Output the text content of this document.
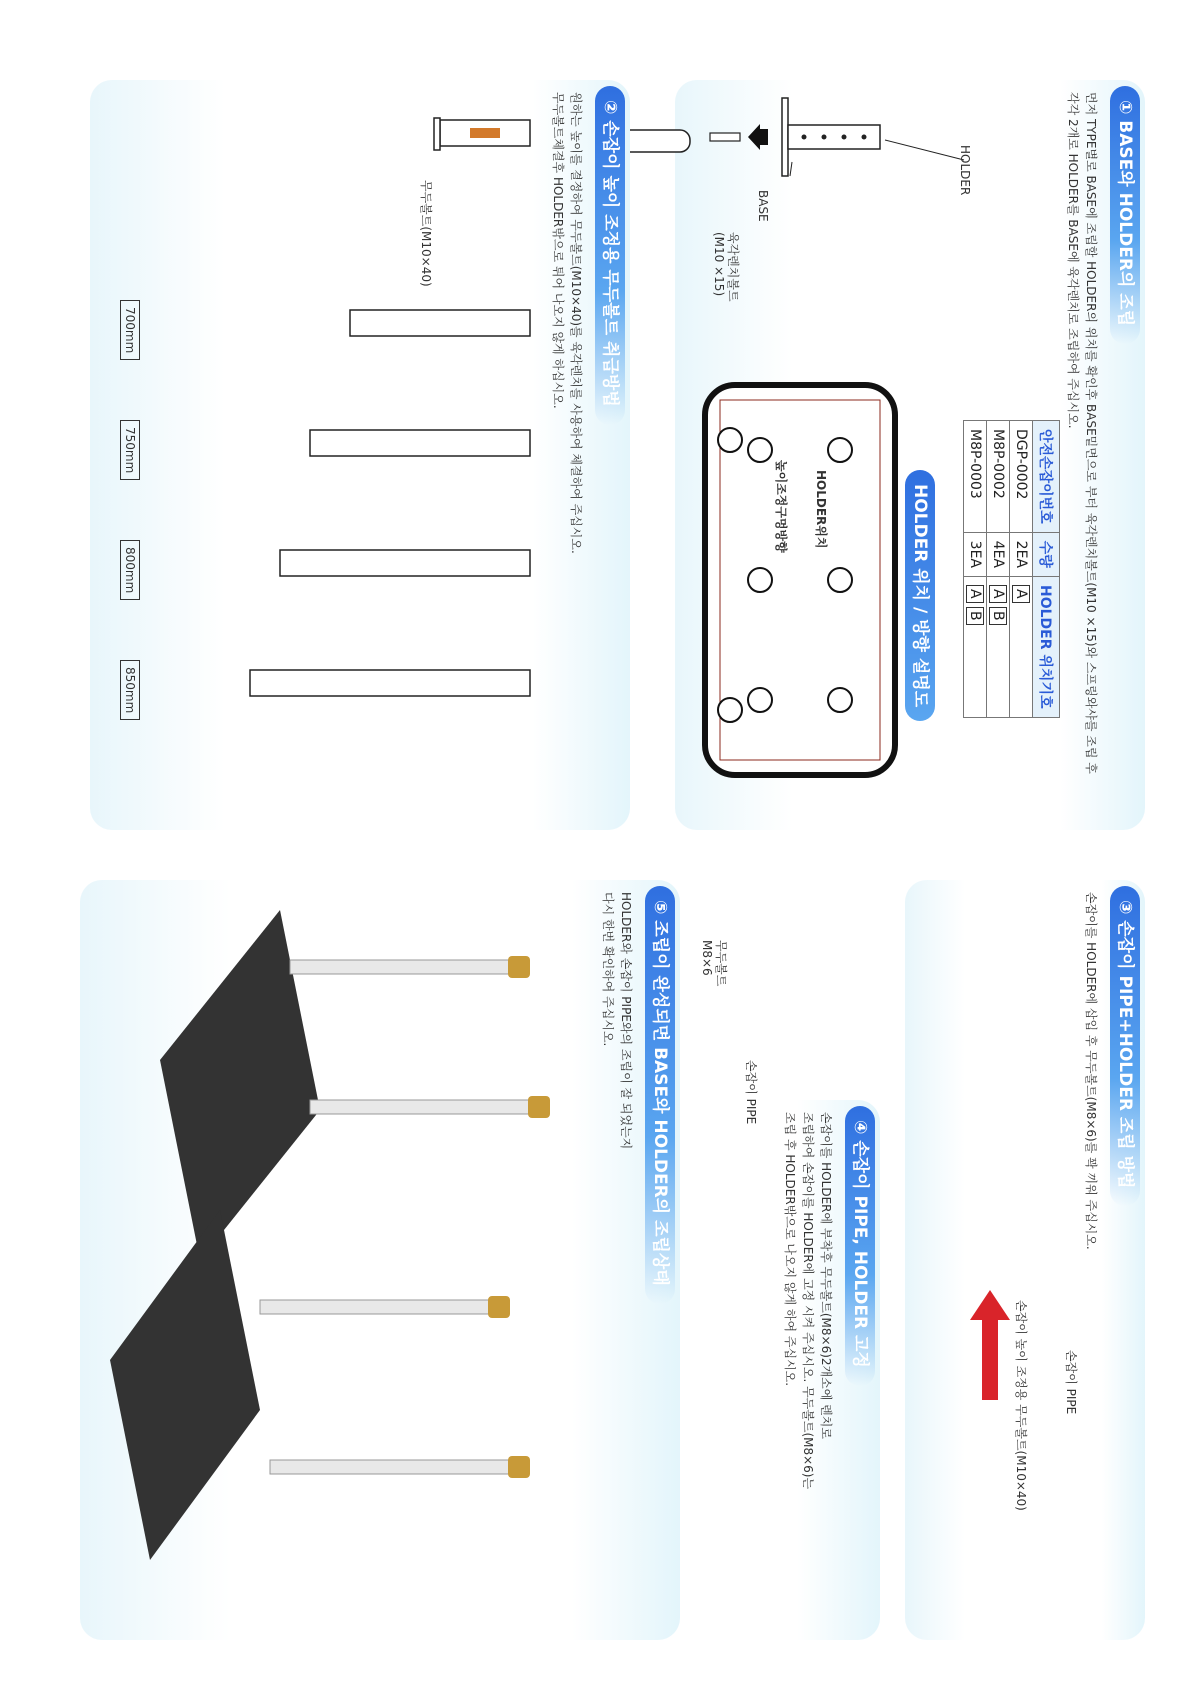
① BASE와 HOLDER의 조립
먼저 TYPE별로 BASE에 조립할 HOLDER의 위치를 확인후 BASE밑면으로 부터 육각렌치볼트(M10 ×15)와 스프링와샤를 조립 후
각각 2개로 HOLDER를 BASE에 육각렌치로 조립하여 주십시오.
HOLDER
BASE
육각렌치볼트
(M10 ×15)
안전손잡이번호	수량	HOLDER 위치기호
DGP-0002	2EA	A
M8P-0002	4EA	A B
M8P-0003	3EA	A B
HOLDER 위치 / 방향 설명도
HOLDER위치
높이조정구멍방향
② 손잡이 높이 조정용 무두볼트 취급방법
원하는 높이를 결정하여 무두볼트(M10×40)를 육각렌치를 사용하여 체결하여 주십시오.
무두볼트체결후 HOLDER밖으로 튀어 나오지 않게 하십시오.
무두볼트(M10×40)
700mm
750mm
800mm
850mm
③ 손잡이 PIPE+HOLDER 조립 방법
손잡이를 HOLDER에 삽입 후 무두볼트(M8×6)를 꽉 끼워 주십시오.
손잡이 PIPE
손잡이 높이 조정용 무두볼트(M10×40)
④ 손잡이 PIPE, HOLDER 고정
손잡이를 HOLDER에 부착후 무두볼트(M8×6)2개소에 렌치로
조립하여 손잡이를 HOLDER에 고정 시켜 주십시오. 무두볼트(M8×6)는
조립 후 HOLDER밖으로 나오지 않게 하여 주십시오.
무두볼트
M8×6
손잡이 PIPE
⑤ 조립이 완성되면 BASE와 HOLDER의 조립상태
HOLDER와 손잡이 PIPE와의 조립이 잘 되었는지
다시 한번 확인하여 주십시오.
